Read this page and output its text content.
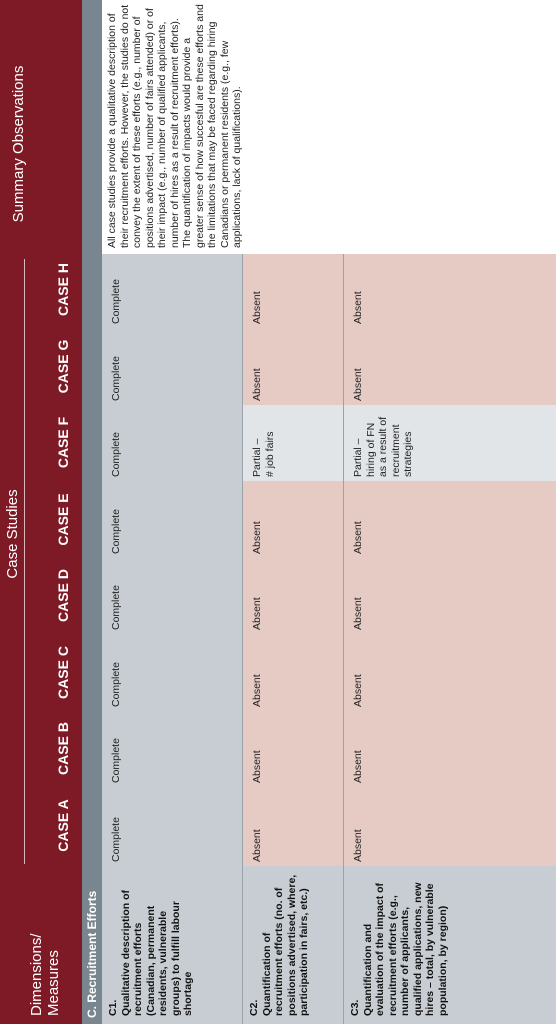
Dimensions/
Measures
Case Studies
CASE A
CASE B
CASE C
CASE D
CASE E
CASE F
CASE G
CASE H
Summary Observations
C. Recruitment Efforts C1.
Qualitative description of recruitment efforts (Canadian, permanent residents, vulnerable groups) to fulfill labour shortage
Complete
Complete
Complete
Complete
Complete
Complete
Complete
Complete
C2.
Quantification of recruitment efforts (no. of positions advertised, where, participation in fairs, etc.)
Absent
Absent
Absent
Absent
Absent
Partial –
# job fairs
Absent
Absent
C3.
Quantification and evaluation of the impact of recruitment efforts (e.g., number of applicants, qualified applications, new hires – total, by vulnerable population, by region)
Absent
Absent
Absent
Absent
Absent
Partial –
hiring of FN as a result of recruitment strategies
Absent
Absent
All case studies provide a qualitative description of their recruitment efforts. However, the studies do not convey the extent of these efforts (e.g., number of positions advertised, number of fairs attended) or of their impact (e.g., number of qualified applicants, number of hires as a result of recruitment efforts). The quantification of impacts would provide a greater sense of how succesful are these efforts and the limitations that may be faced regarding hiring Canadians or permanent residents (e.g., few applications, lack of qualifications).
